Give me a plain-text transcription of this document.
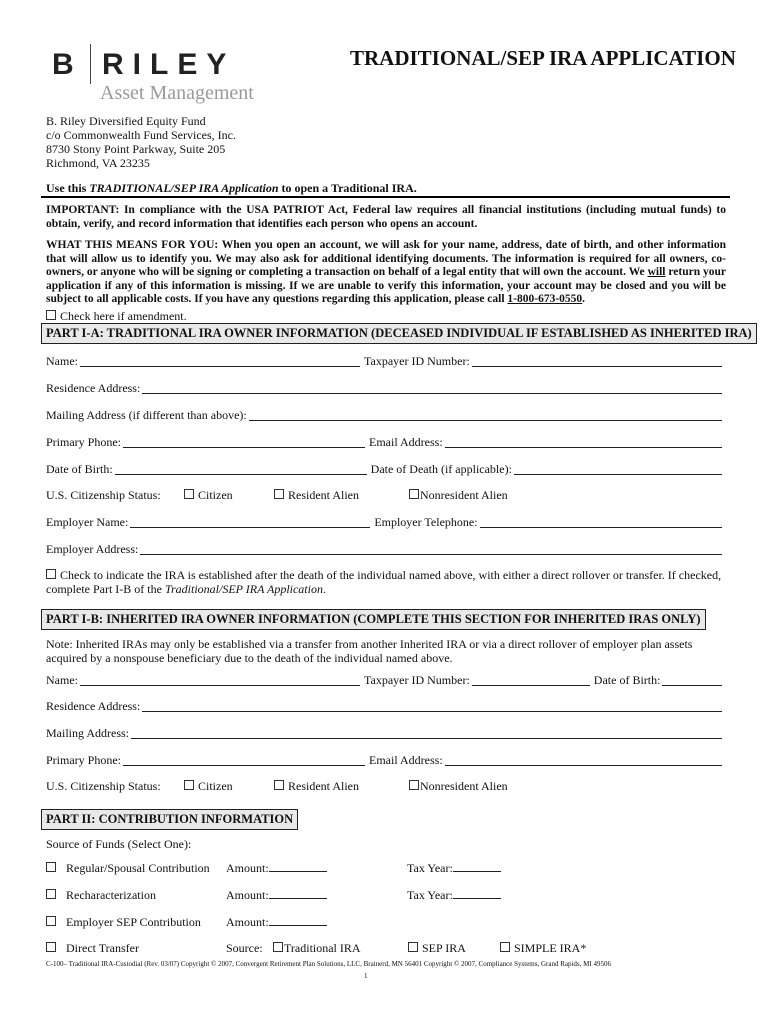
B RILEY
Asset Management
TRADITIONAL/SEP IRA APPLICATION
B. Riley Diversified Equity Fund
c/o Commonwealth Fund Services, Inc.
8730 Stony Point Parkway, Suite 205
Richmond, VA 23235
Use this TRADITIONAL/SEP IRA Application to open a Traditional IRA.
IMPORTANT: In compliance with the USA PATRIOT Act, Federal law requires all financial institutions (including mutual funds) to obtain, verify, and record information that identifies each person who opens an account.
WHAT THIS MEANS FOR YOU: When you open an account, we will ask for your name, address, date of birth, and other information that will allow us to identify you. We may also ask for additional identifying documents. The information is required for all owners, co-owners, or anyone who will be signing or completing a transaction on behalf of a legal entity that will own the account. We will return your application if any of this information is missing. If we are unable to verify this information, your account may be closed and you will be subject to all applicable costs. If you have any questions regarding this application, please call 1-800-673-0550.
Check here if amendment.
PART I-A: TRADITIONAL IRA OWNER INFORMATION (DECEASED INDIVIDUAL IF ESTABLISHED AS INHERITED IRA)
Name:	Taxpayer ID Number:
Residence Address:
Mailing Address (if different than above):
Primary Phone:	Email Address:
Date of Birth:	Date of Death (if applicable):
U.S. Citizenship Status:	Citizen	Resident Alien	Nonresident Alien
Employer Name:	Employer Telephone:
Employer Address:
Check to indicate the IRA is established after the death of the individual named above, with either a direct rollover or transfer. If checked, complete Part I-B of the Traditional/SEP IRA Application.
PART I-B: INHERITED IRA OWNER INFORMATION (COMPLETE THIS SECTION FOR INHERITED IRAS ONLY)
Note: Inherited IRAs may only be established via a transfer from another Inherited IRA or via a direct rollover of employer plan assets acquired by a nonspouse beneficiary due to the death of the individual named above.
Name:	Taxpayer ID Number:	Date of Birth:
Residence Address:
Mailing Address:
Primary Phone:	Email Address:
U.S. Citizenship Status:	Citizen	Resident Alien	Nonresident Alien
PART II: CONTRIBUTION INFORMATION
Source of Funds (Select One):
Regular/Spousal Contribution Amount:	Tax Year:
Recharacterization	Amount:	Tax Year:
Employer SEP Contribution Amount:
Direct Transfer	Source:	Traditional IRA	SEP IRA	SIMPLE IRA*
C-100– Traditional IRA-Custodial (Rev. 03/07) Copyright © 2007, Convergent Retirement Plan Solutions, LLC, Brainerd, MN 56401 Copyright © 2007, Compliance Systems, Grand Rapids, MI 49506
1
